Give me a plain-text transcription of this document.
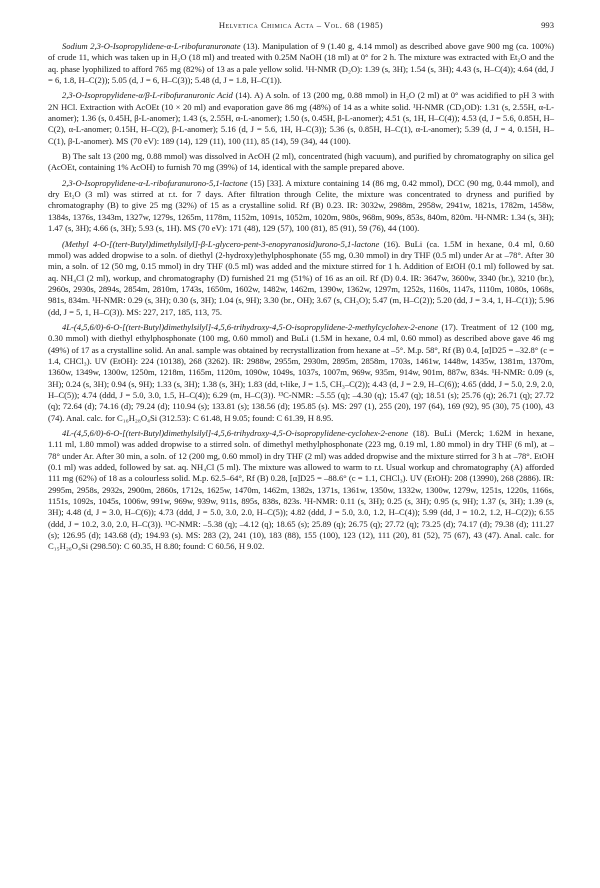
Helvetica Chimica Acta – Vol. 68 (1985)	993

Sodium 2,3-O-Isopropylidene-α-L-ribofuranuronate (13). Manipulation of 9 (1.40 g, 4.14 mmol) as described above gave 900 mg (ca. 100%) of crude 11, which was taken up in H₂O (18 ml) and treated with 0.25M NaOH (18 ml) at 0° for 2 h. The mixture was extracted with Et₂O and the aq. phase lyophilized to afford 765 mg (82%) of 13 as a pale yellow solid. ¹H-NMR (D₂O): 1.39 (s, 3H); 1.54 (s, 3H); 4.43 (s, H–C(4)); 4.64 (dd, J = 6, 1.8, H–C(2)); 5.05 (d, J = 6, H–C(3)); 5.48 (d, J = 1.8, H–C(1)).

2,3-O-Isopropylidene-α/β-L-ribofuranuronic Acid (14). A) A soln. of 13 (200 mg, 0.88 mmol) in H₂O (2 ml) at 0° was acidified to pH 3 with 2N HCl. Extraction with AcOEt (10 × 20 ml) and evaporation gave 86 mg (48%) of 14 as a white solid. ¹H-NMR (CD₃OD): 1.31 (s, 2.55H, α-L-anomer); 1.36 (s, 0.45H, β-L-anomer); 1.43 (s, 2.55H, α-L-anomer); 1.50 (s, 0.45H, β-L-anomer); 4.51 (s, 1H, H–C(4)); 4.53 (d, J = 5.6, 0.85H, H–C(2), α-L-anomer; 0.15H, H–C(2), β-L-anomer); 5.16 (d, J = 5.6, 1H, H–C(3)); 5.36 (s, 0.85H, H–C(1), α-L-anomer); 5.39 (d, J = 4, 0.15H, H–C(1), β-L-anomer). MS (70 eV): 189 (14), 129 (11), 100 (11), 85 (14), 59 (34), 44 (100).

B) The salt 13 (200 mg, 0.88 mmol) was dissolved in AcOH (2 ml), concentrated (high vacuum), and purified by chromatography on silica gel (AcOEt, containing 1% AcOH) to furnish 70 mg (39%) of 14, identical with the sample prepared above.

2,3-O-Isopropylidene-α-L-ribofuranurono-5,1-lactone (15) [33]. A mixture containing 14 (86 mg, 0.42 mmol), DCC (90 mg, 0.44 mmol), and dry Et₂O (3 ml) was stirred at r.t. for 7 days. After filtration through Celite, the mixture was concentrated to dryness and purified by chromatography (B) to give 25 mg (32%) of 15 as a crystalline solid. Rf (B) 0.23. IR: 3032w, 2988m, 2958w, 2941w, 1821s, 1782m, 1458w, 1384s, 1376s, 1343m, 1327w, 1279s, 1265m, 1178m, 1152m, 1091s, 1052m, 1020m, 980s, 968m, 909s, 853s, 840m, 820m. ¹H-NMR: 1.34 (s, 3H); 1.47 (s, 3H); 4.66 (s, 3H); 5.93 (s, 1H). MS (70 eV): 171 (48), 129 (57), 100 (81), 85 (91), 59 (76), 44 (100).

(Methyl 4-O-[(tert-Butyl)dimethylsilyl]-β-L-glycero-pent-3-enopyranosid)urono-5,1-lactone (16). BuLi (ca. 1.5M in hexane, 0.4 ml, 0.60 mmol) was added dropwise to a soln. of diethyl (2-hydroxy)ethylphosphonate (55 mg, 0.30 mmol) in dry THF (0.5 ml) under Ar at –78°. After 30 min, a soln. of 12 (50 mg, 0.15 mmol) in dry THF (0.5 ml) was added and the mixture stirred for 1 h. Addition of EtOH (0.1 ml) followed by sat. aq. NH₄Cl (2 ml), workup, and chromatography (D) furnished 21 mg (51%) of 16 as an oil. Rf (D) 0.4. IR: 3647w, 3600w, 3340 (br.), 3210 (br.), 2960s, 2930s, 2894s, 2854m, 2810m, 1743s, 1650m, 1602w, 1482w, 1462m, 1390w, 1362w, 1297m, 1252s, 1160s, 1147s, 1110m, 1080s, 1068s, 981s, 834m. ¹H-NMR: 0.29 (s, 3H); 0.30 (s, 3H); 1.04 (s, 9H); 3.30 (br., OH); 3.67 (s, CH₃O); 5.47 (m, H–C(2)); 5.20 (dd, J = 3.4, 1, H–C(1)); 5.96 (dd, J = 5, 1, H–C(3)). MS: 227, 217, 185, 113, 75.

4L-(4,5,6/0)-6-O-[(tert-Butyl)dimethylsilyl]-4,5,6-trihydroxy-4,5-O-isopropylidene-2-methylcyclohex-2-enone (17). Treatment of 12 (100 mg, 0.30 mmol) with diethyl ethylphosphonate (100 mg, 0.60 mmol) and BuLi (1.5M in hexane, 0.4 ml, 0.60 mmol) as described above gave 46 mg (49%) of 17 as a crystalline solid. An anal. sample was obtained by recrystallization from hexane at –5°. M.p. 58°, Rf (B) 0.4, [α]D25 = –32.8° (c = 1.4, CHCl₃). UV (EtOH): 224 (10138), 268 (3262). IR: 2988w, 2955m, 2930m, 2895m, 2858m, 1703s, 1461w, 1448w, 1435w, 1381m, 1370m, 1360w, 1349w, 1300w, 1250m, 1218m, 1165m, 1120m, 1090w, 1049s, 1037s, 1007m, 969w, 935m, 914w, 901m, 887w, 834s. ¹H-NMR: 0.09 (s, 3H); 0.24 (s, 3H); 0.94 (s, 9H); 1.33 (s, 3H); 1.38 (s, 3H); 1.83 (dd, t-like, J = 1.5, CH₃–C(2)); 4.43 (d, J = 2.9, H–C(6)); 4.65 (ddd, J = 5.0, 2.9, 2.0, H–C(5)); 4.74 (ddd, J = 5.0, 3.0, 1.5, H–C(4)); 6.29 (m, H–C(3)). ¹³C-NMR: –5.55 (q); –4.30 (q); 15.47 (q); 18.51 (s); 25.76 (q); 26.71 (q); 27.72 (q); 72.64 (d); 74.16 (d); 79.24 (d); 110.94 (s); 133.81 (s); 138.56 (d); 195.85 (s). MS: 297 (1), 255 (20), 197 (64), 169 (92), 95 (30), 75 (100), 43 (74). Anal. calc. for C₁₆H₂₈O₄Si (312.53): C 61.48, H 9.05; found: C 61.39, H 8.95.

4L-(4,5,6/0)-6-O-[(tert-Butyl)dimethylsilyl]-4,5,6-trihydroxy-4,5-O-isopropylidene-cyclohex-2-enone (18). BuLi (Merck; 1.62M in hexane, 1.11 ml, 1.80 mmol) was added dropwise to a stirred soln. of dimethyl methylphosphonate (223 mg, 0.19 ml, 1.80 mmol) in dry THF (6 ml), at –78° under Ar. After 30 min, a soln. of 12 (200 mg, 0.60 mmol) in dry THF (2 ml) was added dropwise and the mixture stirred for 3 h at –78°. EtOH (0.1 ml) was added, followed by sat. aq. NH₄Cl (5 ml). The mixture was allowed to warm to r.t. Usual workup and chromatography (A) afforded 111 mg (62%) of 18 as a colourless solid. M.p. 62.5–64°, Rf (B) 0.28, [α]D25 = –88.6° (c = 1.1, CHCl₃). UV (EtOH): 208 (13990), 268 (2886). IR: 2995m, 2958s, 2932s, 2900m, 2860s, 1712s, 1625w, 1470m, 1462m, 1382s, 1371s, 1361w, 1350w, 1332w, 1300w, 1279w, 1251s, 1220s, 1166s, 1151s, 1092s, 1045s, 1006w, 991w, 969w, 939w, 911s, 895s, 838s, 823s. ¹H-NMR: 0.11 (s, 3H); 0.25 (s, 3H); 0.95 (s, 9H); 1.37 (s, 3H); 1.39 (s, 3H); 4.48 (d, J = 3.0, H–C(6)); 4.73 (ddd, J = 5.0, 3.0, 2.0, H–C(5)); 4.82 (ddd, J = 5.0, 3.0, 1.2, H–C(4)); 5.99 (dd, J = 10.2, 1.2, H–C(2)); 6.55 (ddd, J = 10.2, 3.0, 2.0, H–C(3)). ¹³C-NMR: –5.38 (q); –4.12 (q); 18.65 (s); 25.89 (q); 26.75 (q); 27.72 (q); 73.25 (d); 74.17 (d); 79.38 (d); 111.27 (s); 126.95 (d); 143.68 (d); 194.93 (s). MS: 283 (2), 241 (10), 183 (88), 155 (100), 123 (12), 111 (20), 81 (52), 75 (67), 43 (47). Anal. calc. for C₁₅H₂₆O₄Si (298.50): C 60.35, H 8.80; found: C 60.56, H 9.02.
